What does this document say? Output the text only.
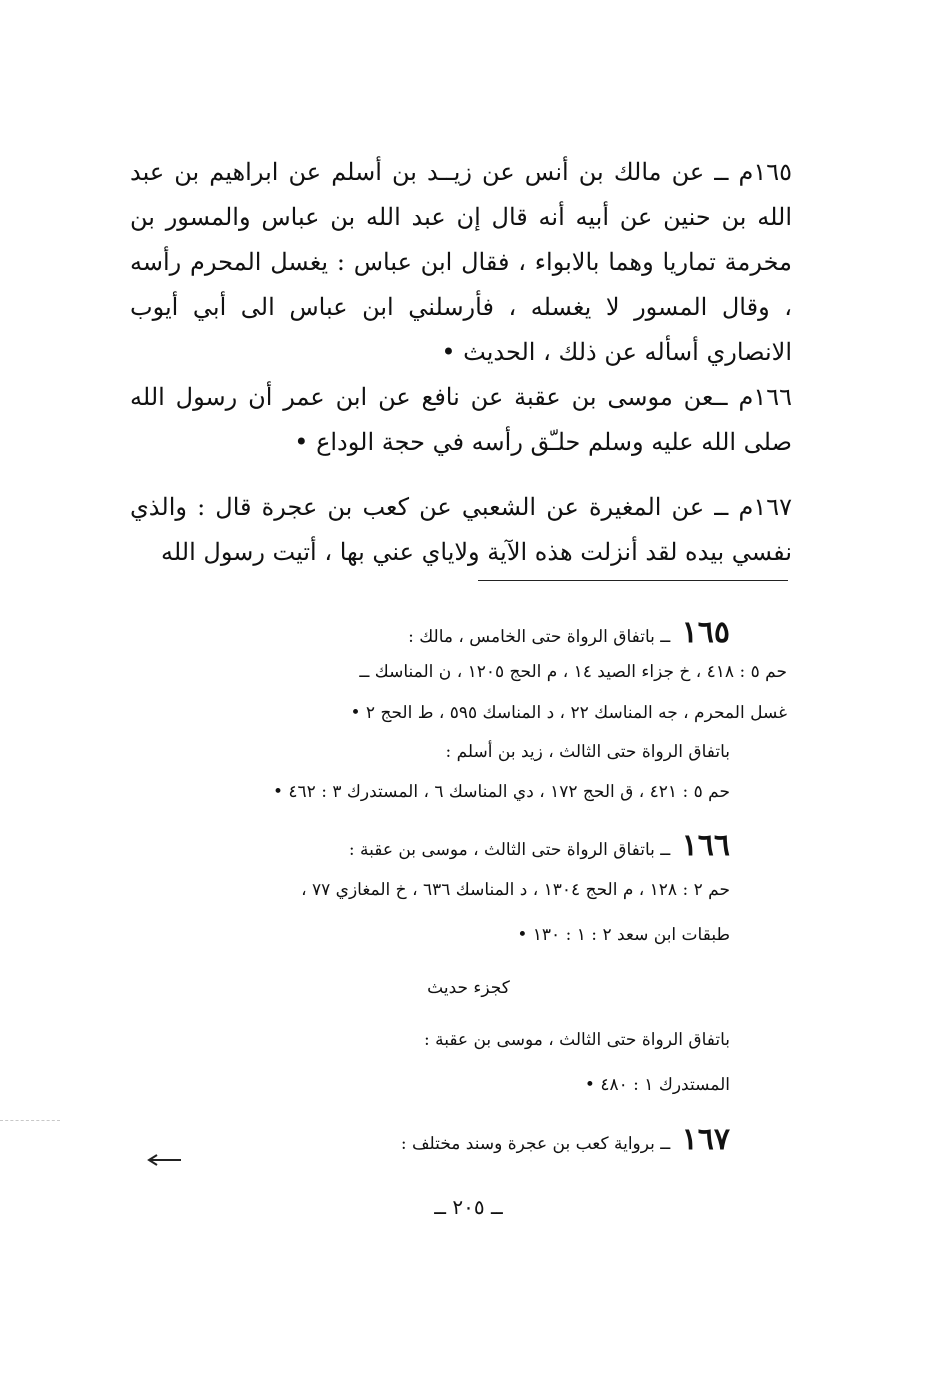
١٦٥م ــ عن مالك بن أنس عن زيــد بن أسلم عن ابراهيم بن عبد الله بن حنين عن أبيه أنه قال إن عبد الله بن عباس والمسور بن مخرمة تماريا وهما بالابواء ، فقال ابن عباس : يغسل المحرم رأسه ، وقال المسور لا يغسله ، فأرسلني ابن عباس الى أبي أيوب الانصاري أسأله عن ذلك ، الحديث •

١٦٦م ــعن موسى بن عقبة عن نافع عن ابن عمر أن رسول الله صلى الله عليه وسلم حلـّق رأسه في حجة الوداع •

١٦٧م ــ عن المغيرة عن الشعبي عن كعب بن عجرة قال : والذي نفسي بيده لقد أنزلت هذه الآية ولاياي عني بها ، أتيت رسول الله

١٦٥ ــ باتفاق الرواة حتى الخامس ، مالك :

حم ٥ : ٤١٨ ، خ جزاء الصيد ١٤ ، م الحج ١٢٠٥ ، ن المناسك ــ

غسل المحرم ، جه المناسك ٢٢ ، د المناسك ٥٩٥ ، ط الحج ٢ •

باتفاق الرواة حتى الثالث ، زيد بن أسلم :

حم ٥ : ٤٢١ ، ق الحج ١٧٢ ، دي المناسك ٦ ، المستدرك ٣ : ٤٦٢ •

١٦٦ ــ باتفاق الرواة حتى الثالث ، موسى بن عقبة :

حم ٢ : ١٢٨ ، م الحج ١٣٠٤ ، د المناسك ٦٣٦ ، خ المغازي ٧٧ ،

طبقات ابن سعد ٢ : ١ : ١٣٠ •

كجزء حديث

باتفاق الرواة حتى الثالث ، موسى بن عقبة :

المستدرك ١ : ٤٨٠ •

١٦٧ ــ برواية كعب بن عجرة وسند مختلف :

ــ ٢٠٥ ــ
